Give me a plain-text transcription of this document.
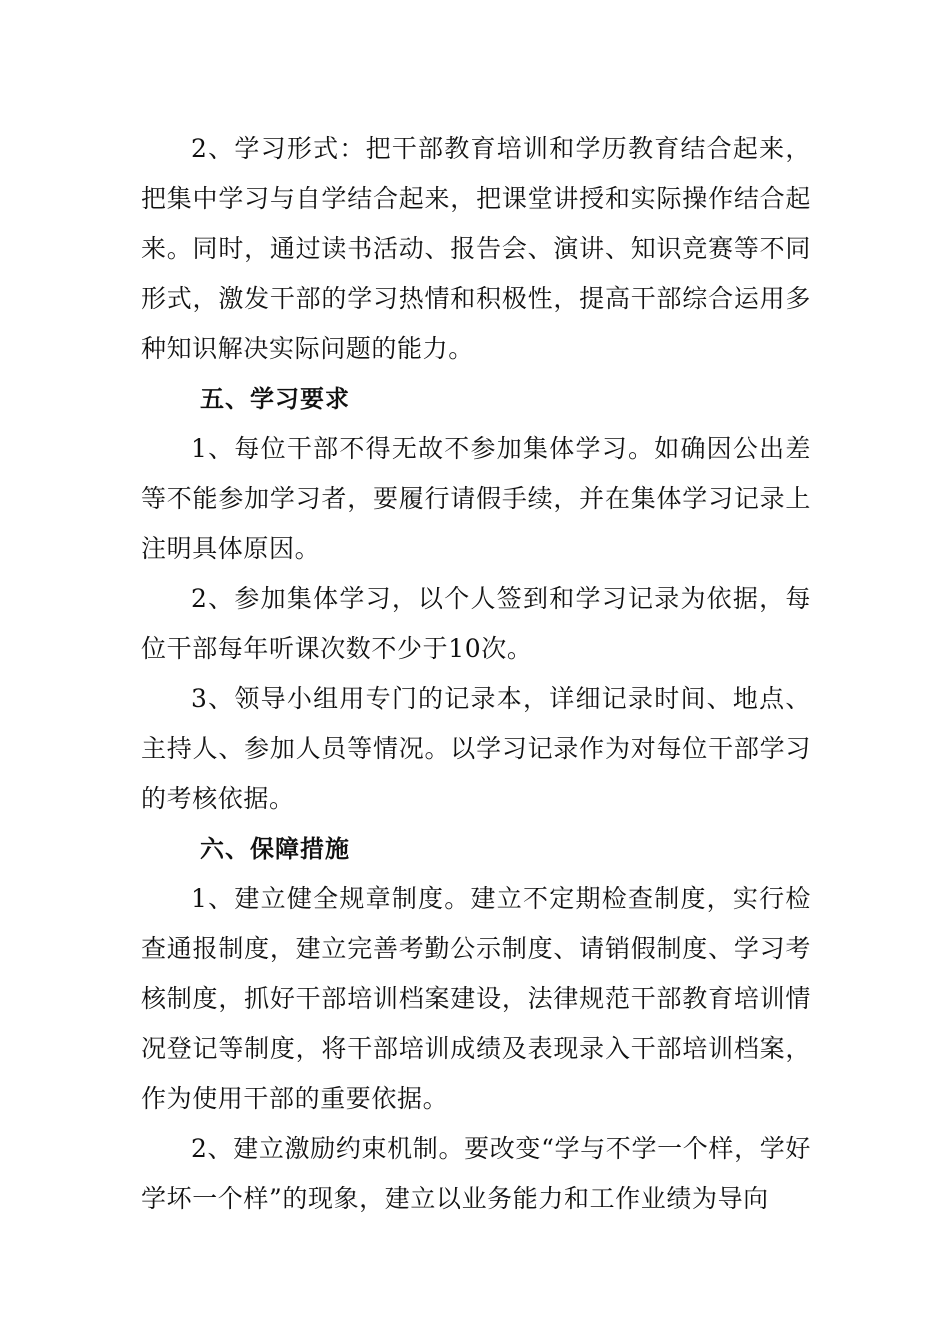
2、学习形式：把干部教育培训和学历教育结合起来，把集中学习与自学结合起来，把课堂讲授和实际操作结合起来。同时，通过读书活动、报告会、演讲、知识竞赛等不同形式，激发干部的学习热情和积极性，提高干部综合运用多种知识解决实际问题的能力。

五、学习要求

1、每位干部不得无故不参加集体学习。如确因公出差等不能参加学习者，要履行请假手续，并在集体学习记录上注明具体原因。

2、参加集体学习，以个人签到和学习记录为依据，每位干部每年听课次数不少于10次。

3、领导小组用专门的记录本，详细记录时间、地点、主持人、参加人员等情况。以学习记录作为对每位干部学习的考核依据。

六、保障措施

1、建立健全规章制度。建立不定期检查制度，实行检查通报制度，建立完善考勤公示制度、请销假制度、学习考核制度，抓好干部培训档案建设，法律规范干部教育培训情况登记等制度，将干部培训成绩及表现录入干部培训档案，作为使用干部的重要依据。

2、建立激励约束机制。要改变“学与不学一个样，学好学坏一个样”的现象，建立以业务能力和工作业绩为导向
